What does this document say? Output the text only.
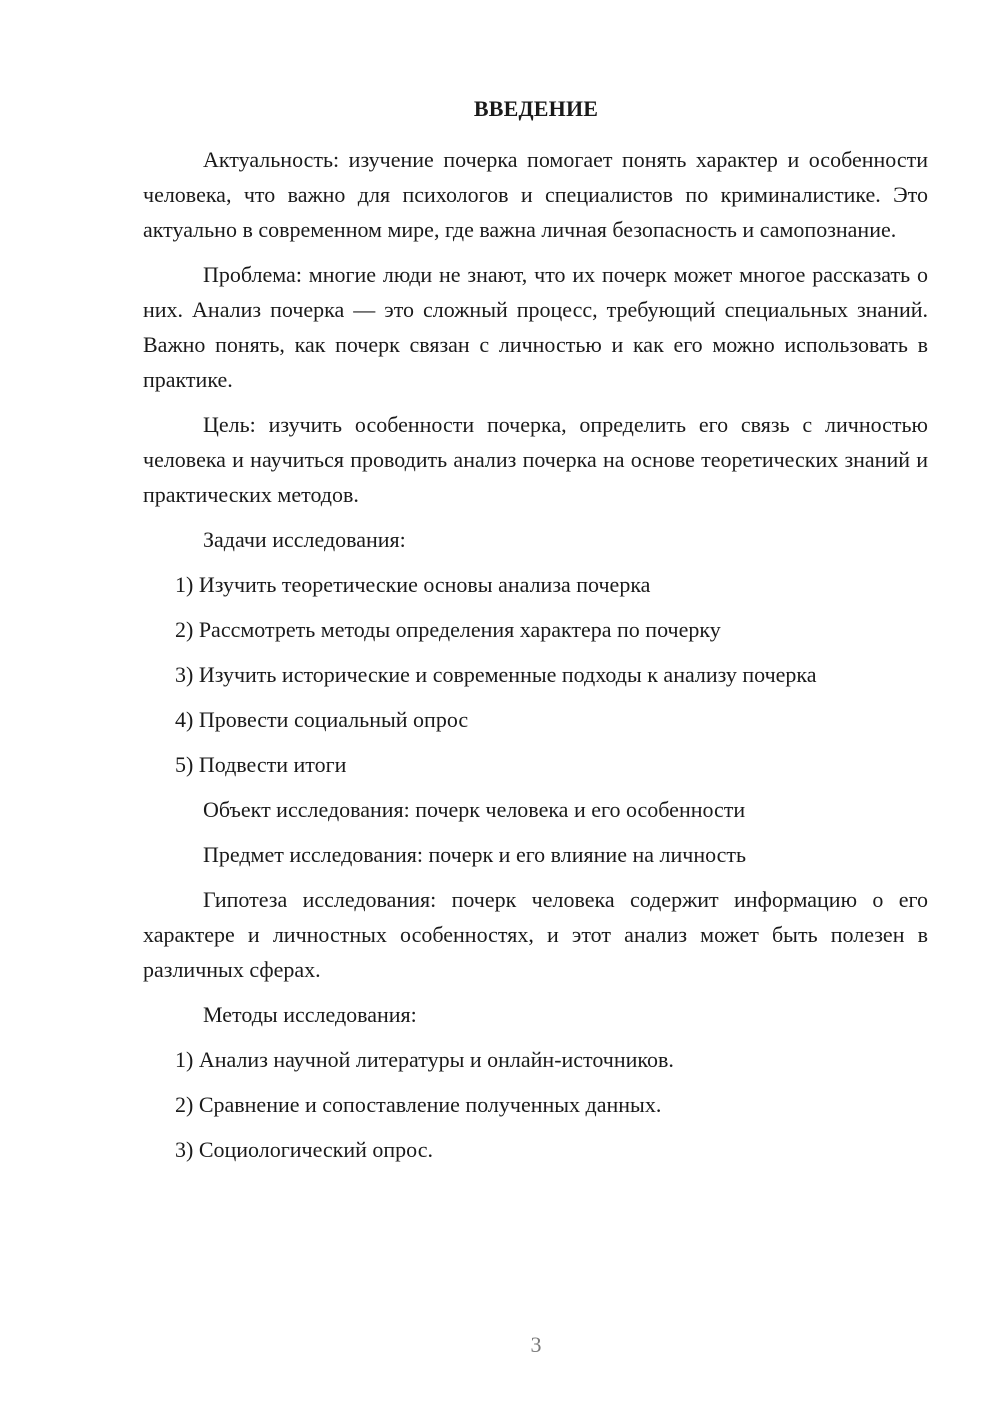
ВВЕДЕНИЕ

Актуальность: изучение почерка помогает понять характер и особенности человека, что важно для психологов и специалистов по криминалистике. Это актуально в современном мире, где важна личная безопасность и самопознание.

Проблема: многие люди не знают, что их почерк может многое рассказать о них. Анализ почерка — это сложный процесс, требующий специальных знаний. Важно понять, как почерк связан с личностью и как его можно использовать в практике.

Цель: изучить особенности почерка, определить его связь с личностью человека и научиться проводить анализ почерка на основе теоретических знаний и практических методов.

Задачи исследования:

1) Изучить теоретические основы анализа почерка
2) Рассмотреть методы определения характера по почерку
3) Изучить исторические и современные подходы к анализу почерка
4) Провести социальный опрос
5) Подвести итоги

Объект исследования: почерк человека и его особенности

Предмет исследования: почерк и его влияние на личность

Гипотеза исследования: почерк человека содержит информацию о его характере и личностных особенностях, и этот анализ может быть полезен в различных сферах.

Методы исследования:

1) Анализ научной литературы и онлайн-источников.
2) Сравнение и сопоставление полученных данных.
3) Социологический опрос.
3
